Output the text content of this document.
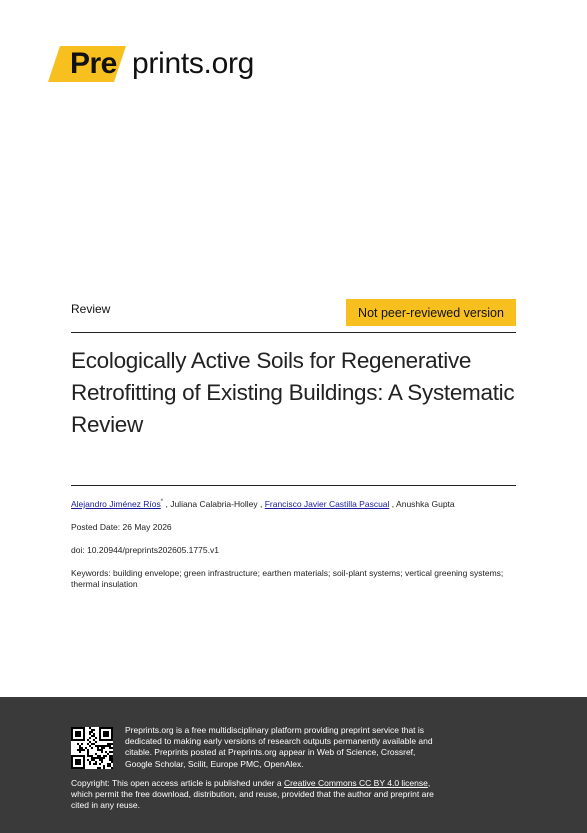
Pre prints.org
Review	Not peer-reviewed version
Ecologically Active Soils for Regenerative Retrofitting of Existing Buildings: A Systematic Review
Alejandro Jiménez Ríos* , Juliana Calabria-Holley , Francisco Javier Castilla Pascual , Anushka Gupta
Posted Date: 26 May 2026
doi: 10.20944/preprints202605.1775.v1
Keywords: building envelope; green infrastructure; earthen materials; soil-plant systems; vertical greening systems; thermal insulation
Preprints.org is a free multidisciplinary platform providing preprint service that is dedicated to making early versions of research outputs permanently available and citable. Preprints posted at Preprints.org appear in Web of Science, Crossref, Google Scholar, Scilit, Europe PMC, OpenAlex.
Copyright: This open access article is published under a Creative Commons CC BY 4.0 license, which permit the free download, distribution, and reuse, provided that the author and preprint are cited in any reuse.
